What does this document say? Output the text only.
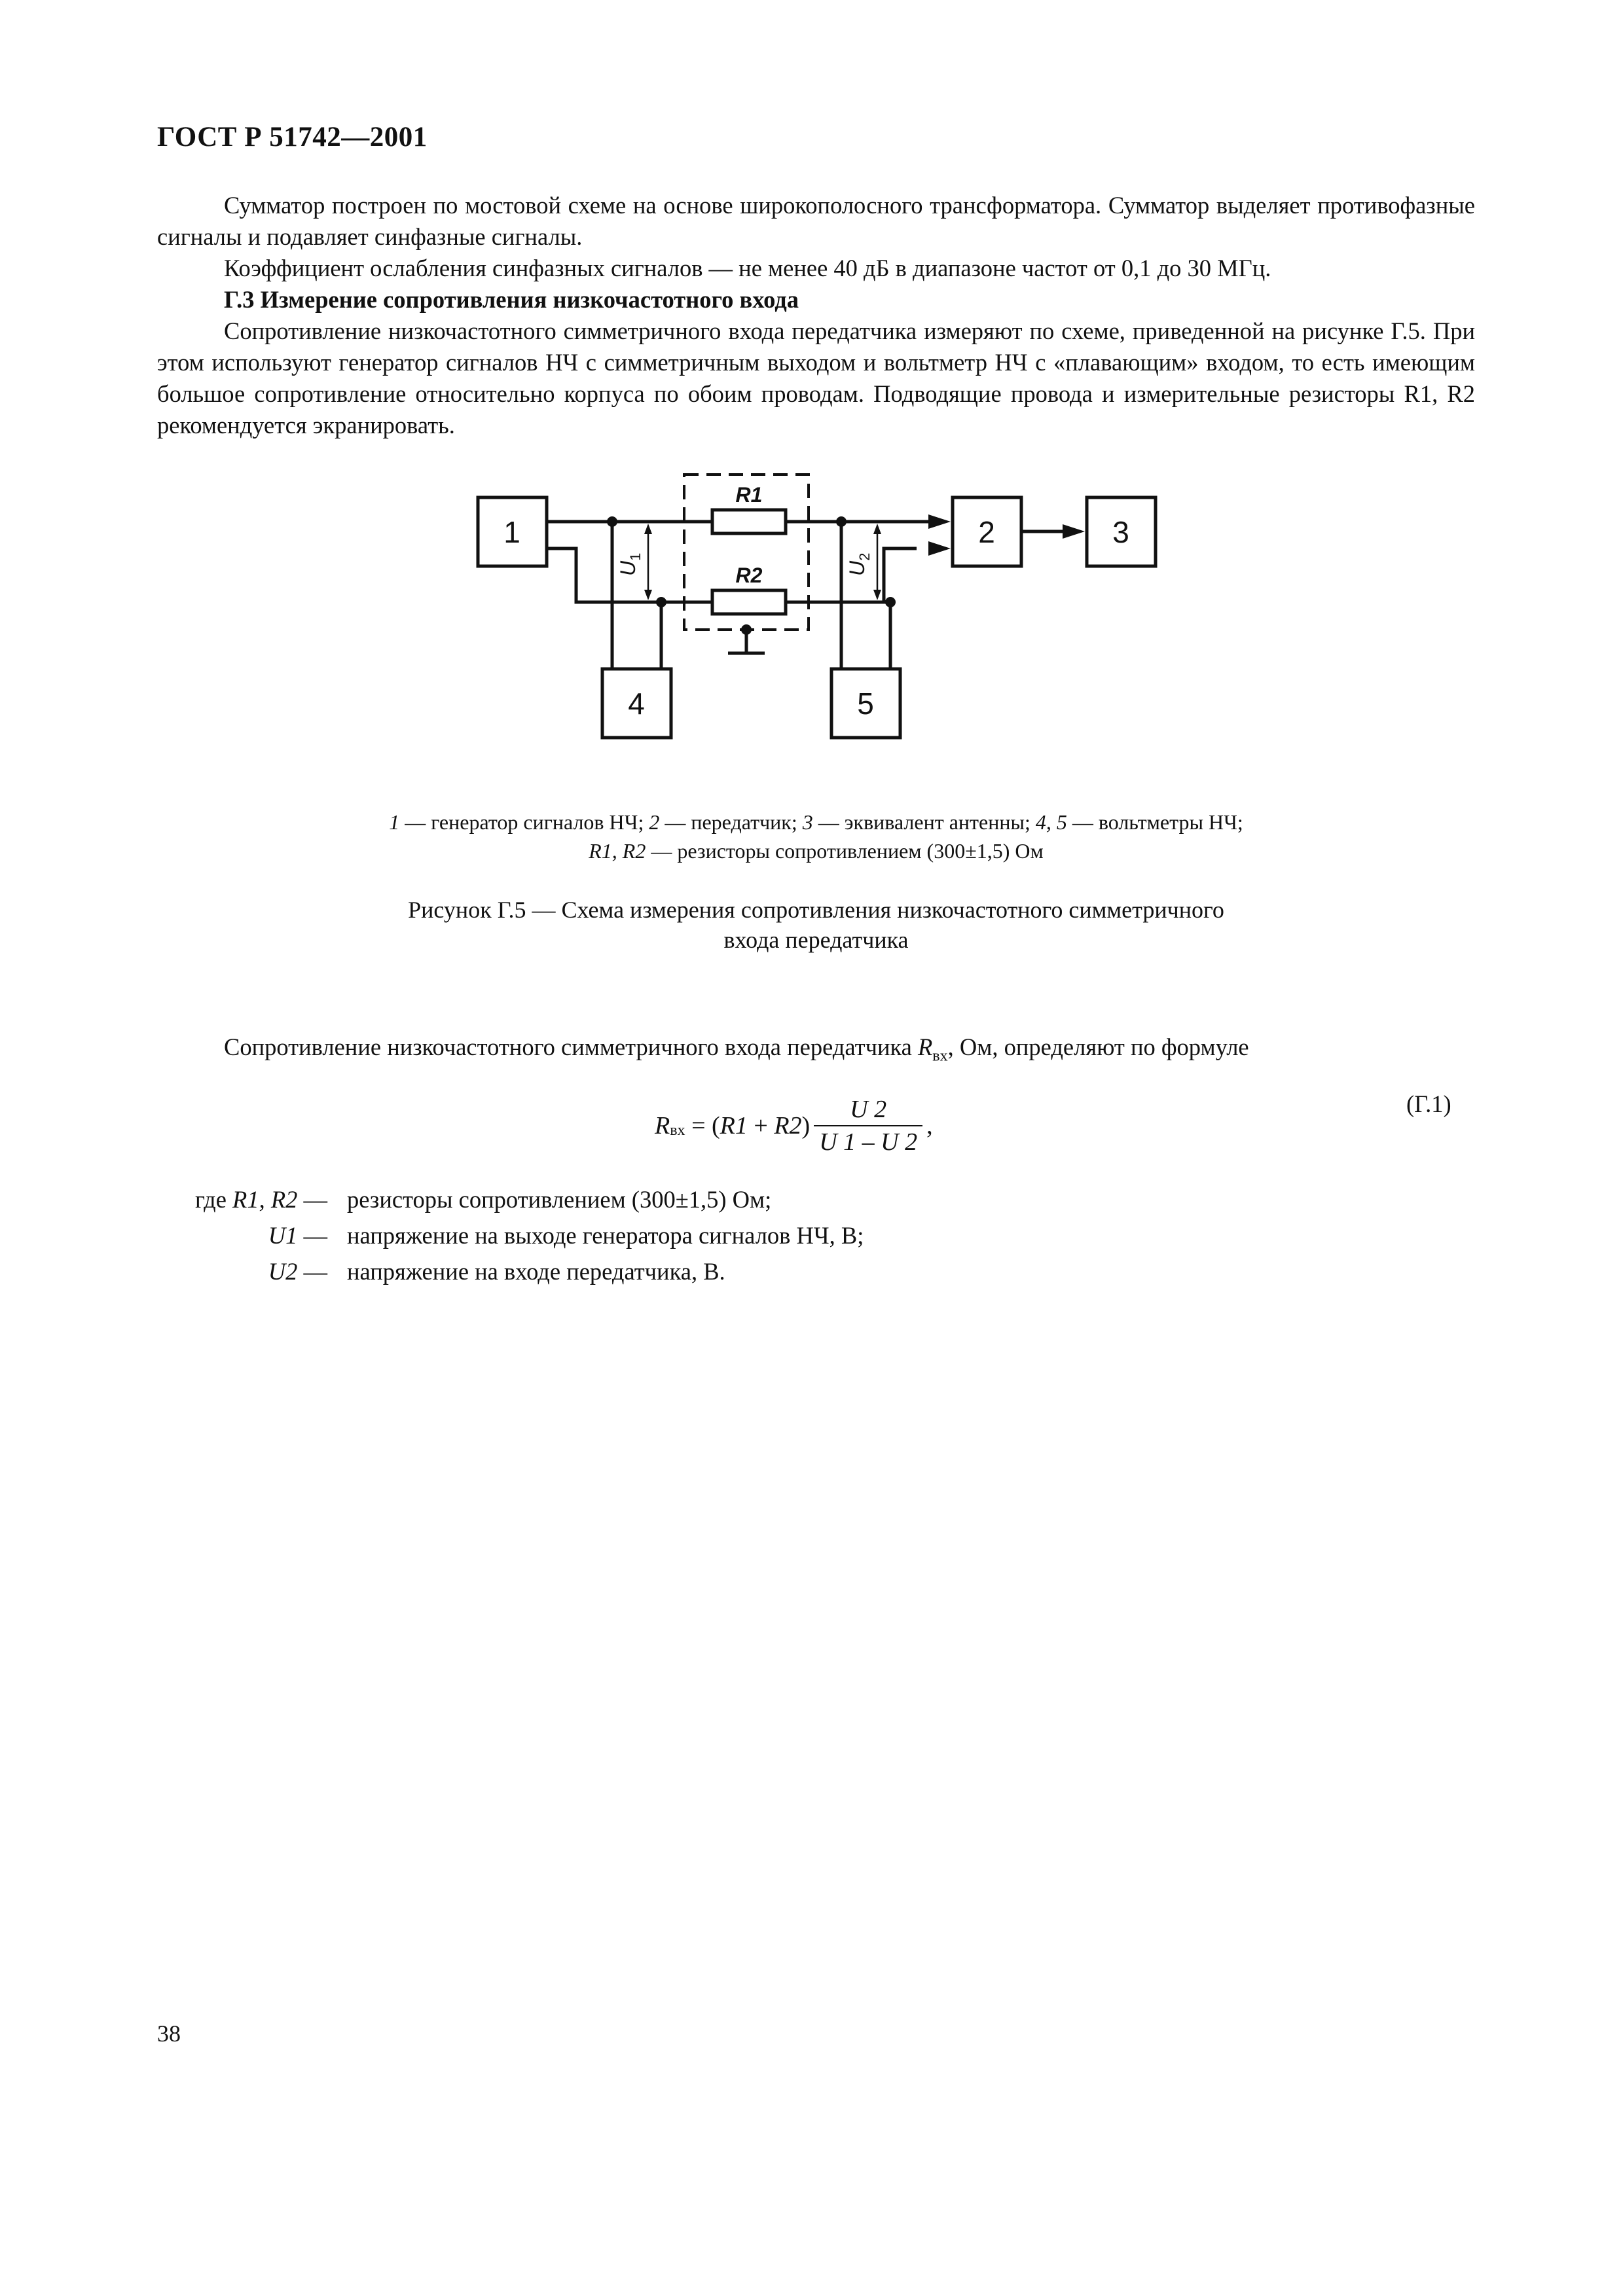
ГОСТ Р 51742—2001

Сумматор построен по мостовой схеме на основе широкополосного трансформатора. Сумматор выделяет противофазные сигналы и подавляет синфазные сигналы.

Коэффициент ослабления синфазных сигналов — не менее 40 дБ в диапазоне частот от 0,1 до 30 МГц.

Г.3 Измерение сопротивления низкочастотного входа

Сопротивление низкочастотного симметричного входа передатчика измеряют по схеме, приведенной на рисунке Г.5. При этом используют генератор сигналов НЧ с симметричным выходом и вольтметр НЧ с «плавающим» входом, то есть имеющим большое сопротивление относительно корпуса по обоим проводам. Подводящие провода и измерительные резисторы R1, R2 рекомендуется экранировать.

1	2	3
4	5
R1
R2
$U_1$
$U_2$
1 — генератор сигналов НЧ; 2 — передатчик; 3 — эквивалент антенны; 4, 5 — вольтметры НЧ;
R1, R2 — резисторы сопротивлением (300±1,5) Ом
Рисунок Г.5 — Схема измерения сопротивления низкочастотного симметричного
входа передатчика
Сопротивление низкочастотного симметричного входа передатчика $R_{вх}$, Ом, определяют по формуле
R вх = ( R1 + R2 ) $\frac{U 2}{U 1 - U 2}$ ,
(Г.1)
где R1, R2 — резисторы сопротивлением (300±1,5) Ом;
U1 — напряжение на выходе генератора сигналов НЧ, В;
U2 — напряжение на входе передатчика, В.
38
